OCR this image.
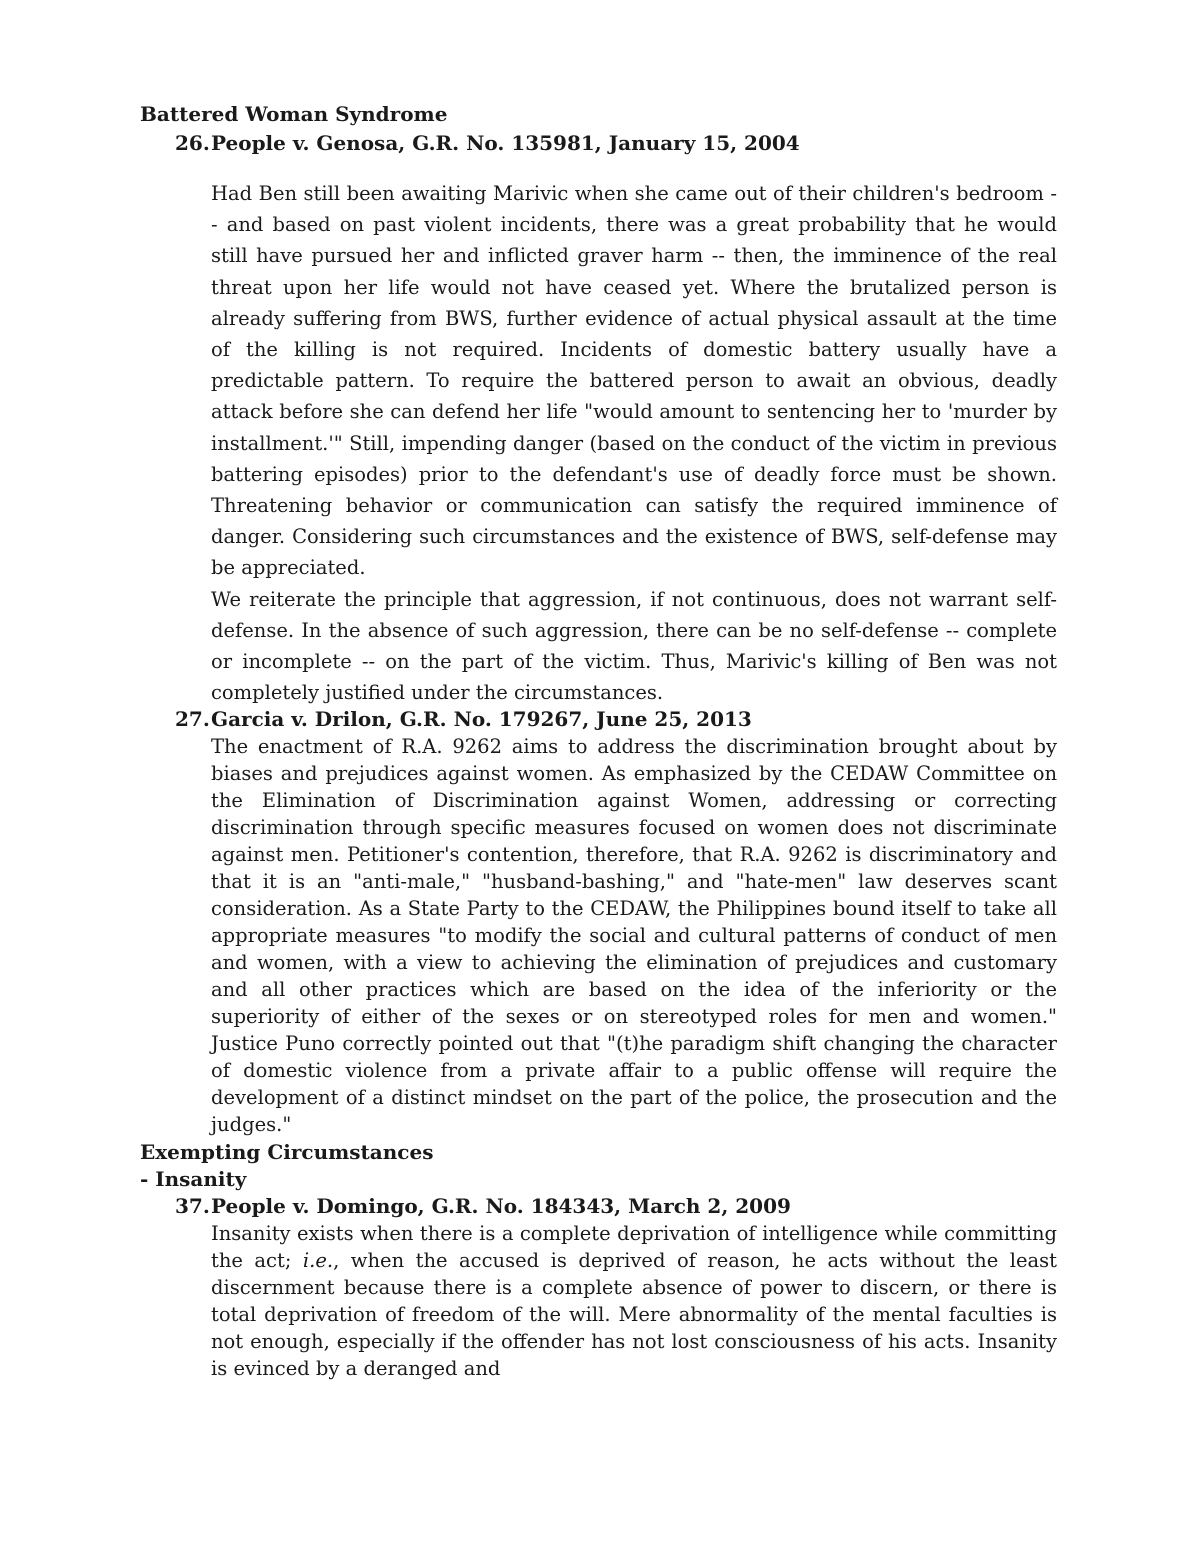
Battered Woman Syndrome
26.People v. Genosa, G.R. No. 135981, January 15, 2004

Had Ben still been awaiting Marivic when she came out of their children's bedroom -- and based on past violent incidents, there was a great probability that he would still have pursued her and inflicted graver harm -- then, the imminence of the real threat upon her life would not have ceased yet. Where the brutalized person is already suffering from BWS, further evidence of actual physical assault at the time of the killing is not required. Incidents of domestic battery usually have a predictable pattern. To require the battered person to await an obvious, deadly attack before she can defend her life "would amount to sentencing her to 'murder by installment.'" Still, impending danger (based on the conduct of the victim in previous battering episodes) prior to the defendant's use of deadly force must be shown. Threatening behavior or communication can satisfy the required imminence of danger. Considering such circumstances and the existence of BWS, self-defense may be appreciated.

We reiterate the principle that aggression, if not continuous, does not warrant self-defense. In the absence of such aggression, there can be no self-defense -- complete or incomplete -- on the part of the victim. Thus, Marivic's killing of Ben was not completely justified under the circumstances.

27.Garcia v. Drilon, G.R. No. 179267, June 25, 2013

The enactment of R.A. 9262 aims to address the discrimination brought about by biases and prejudices against women. As emphasized by the CEDAW Committee on the Elimination of Discrimination against Women, addressing or correcting discrimination through specific measures focused on women does not discriminate against men. Petitioner's contention, therefore, that R.A. 9262 is discriminatory and that it is an "anti-male," "husband-bashing," and "hate-men" law deserves scant consideration. As a State Party to the CEDAW, the Philippines bound itself to take all appropriate measures "to modify the social and cultural patterns of conduct of men and women, with a view to achieving the elimination of prejudices and customary and all other practices which are based on the idea of the inferiority or the superiority of either of the sexes or on stereotyped roles for men and women." Justice Puno correctly pointed out that "(t)he paradigm shift changing the character of domestic violence from a private affair to a public offense will require the development of a distinct mindset on the part of the police, the prosecution and the judges."

Exempting Circumstances
- Insanity
37.People v. Domingo, G.R. No. 184343, March 2, 2009

Insanity exists when there is a complete deprivation of intelligence while committing the act; i.e., when the accused is deprived of reason, he acts without the least discernment because there is a complete absence of power to discern, or there is total deprivation of freedom of the will. Mere abnormality of the mental faculties is not enough, especially if the offender has not lost consciousness of his acts. Insanity is evinced by a deranged and
